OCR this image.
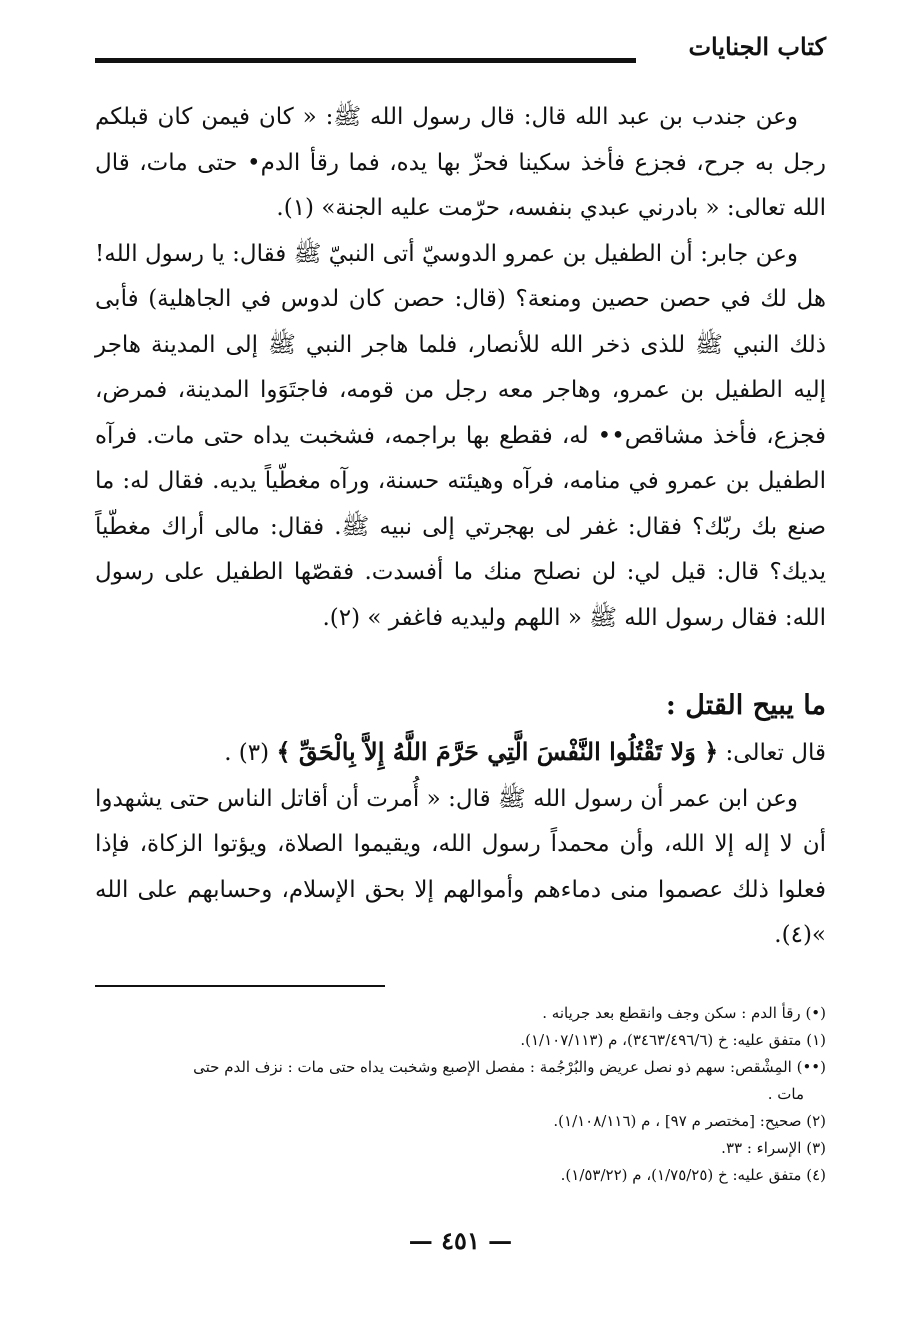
كتاب الجنايات

وعن جندب بن عبد الله قال: قال رسول الله ﷺ: « كان فيمن كان قبلكم رجل به جرح، فجزع فأخذ سكينا فحزّ بها يده، فما رقأ الدم• حتى مات، قال الله تعالى: « بادرني عبدي بنفسه، حرّمت عليه الجنة» (١).

وعن جابر: أن الطفيل بن عمرو الدوسيّ أتى النبيّ ﷺ فقال: يا رسول الله! هل لك في حصن حصين ومنعة؟ (قال: حصن كان لدوس في الجاهلية) فأبى ذلك النبي ﷺ للذى ذخر الله للأنصار، فلما هاجر النبي ﷺ إلى المدينة هاجر إليه الطفيل بن عمرو، وهاجر معه رجل من قومه، فاجتَوَوا المدينة، فمرض، فجزع، فأخذ مشاقص•• له، فقطع بها براجمه، فشخبت يداه حتى مات. فرآه الطفيل بن عمرو في منامه، فرآه وهيئته حسنة، ورآه مغطّياً يديه. فقال له: ما صنع بك ربّك؟ فقال: غفر لى بهجرتي إلى نبيه ﷺ. فقال: مالى أراك مغطّياً يديك؟ قال: قيل لي: لن نصلح منك ما أفسدت. فقصّها الطفيل على رسول الله: فقال رسول الله ﷺ « اللهم وليديه فاغفر » (٢).

ما يبيح القتل :

قال تعالى: ﴿ وَلا تَقْتُلُوا النَّفْسَ الَّتِي حَرَّمَ اللَّهُ إِلاَّ بِالْحَقِّ ﴾ (٣) .

وعن ابن عمر أن رسول الله ﷺ قال: « أُمرت أن أقاتل الناس حتى يشهدوا أن لا إله إلا الله، وأن محمداً رسول الله، ويقيموا الصلاة، ويؤتوا الزكاة، فإذا فعلوا ذلك عصموا منى دماءهم وأموالهم إلا بحق الإسلام، وحسابهم على الله »(٤).

(•) رقأ الدم : سكن وجف وانقطع بعد جريانه .

(١) متفق عليه: خ (٣٤٦٣/٤٩٦/٦)، م (١/١٠٧/١١٣).

(••) المِشْقص: سهم ذو نصل عريض والبُرْجُمة : مفصل الإصبع وشخبت يداه حتى مات : نزف الدم حتى

مات .

(٢) صحيح: [مختصر م ٩٧] ، م (١/١٠٨/١١٦).

(٣) الإسراء : ٣٣.

(٤) متفق عليه: خ (١/٧٥/٢٥)، م (١/٥٣/٢٢).

— ٤٥١ —
